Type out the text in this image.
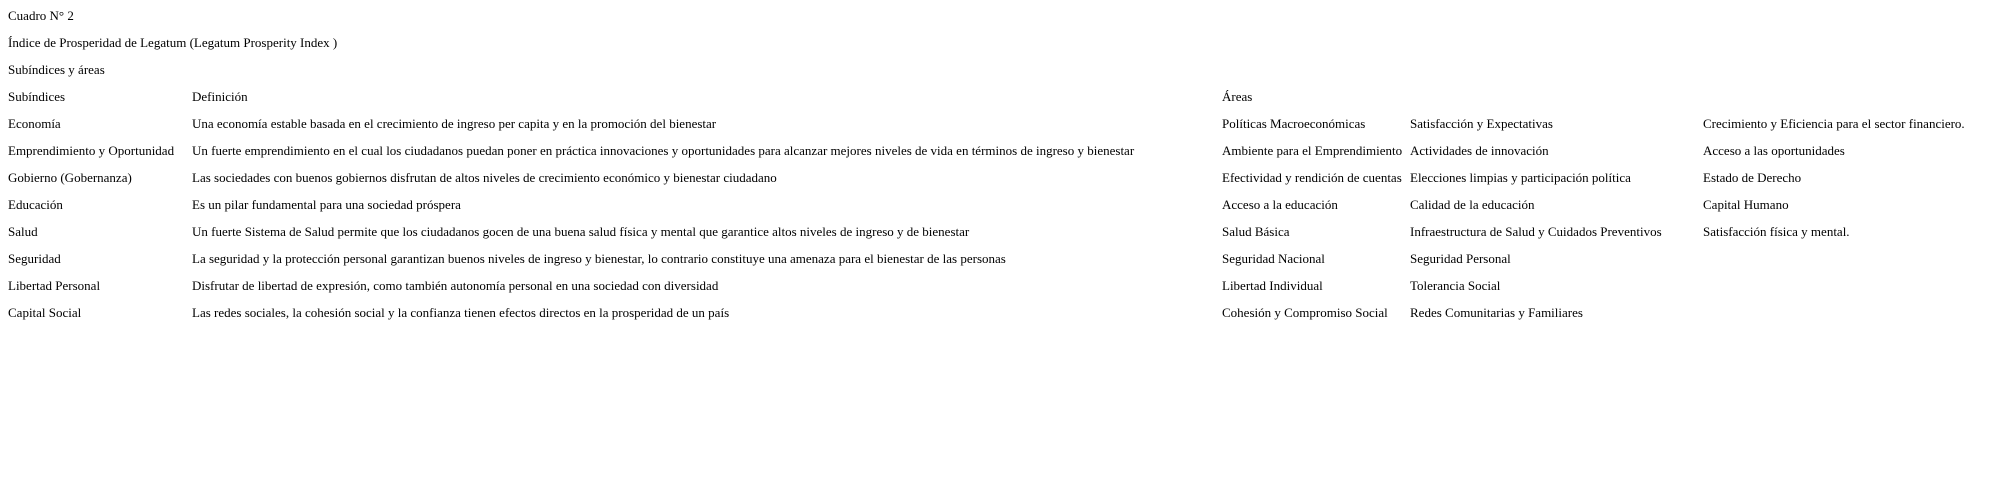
Cuadro N° 2
Índice de Prosperidad de Legatum (Legatum Prosperity Index )
Subíndices y áreas
Subíndices	Definición	Áreas		
Economía	Una economía estable basada en el crecimiento de ingreso per capita y en la promoción del bienestar	Políticas Macroeconómicas	Satisfacción y Expectativas	Crecimiento y Eficiencia para el sector financiero.
Emprendimiento y Oportunidad	Un fuerte emprendimiento en el cual los ciudadanos puedan poner en práctica innovaciones y oportunidades para alcanzar mejores niveles de vida en términos de ingreso y bienestar	Ambiente para el Emprendimiento	Actividades de innovación	Acceso a las oportunidades
Gobierno (Gobernanza)	Las sociedades con buenos gobiernos disfrutan de altos niveles de crecimiento económico y bienestar ciudadano	Efectividad y rendición de cuentas	Elecciones limpias y participación política	Estado de Derecho
Educación	Es un pilar fundamental para una sociedad próspera	Acceso a la educación	Calidad de la educación	Capital Humano
Salud	Un fuerte Sistema de Salud permite que los ciudadanos gocen de una buena salud física y mental que garantice altos niveles de ingreso y de bienestar	Salud Básica	Infraestructura de Salud y Cuidados Preventivos	Satisfacción física y mental.
Seguridad	La seguridad y la protección personal garantizan buenos niveles de ingreso y bienestar, lo contrario constituye una amenaza para el bienestar de las personas	Seguridad Nacional	Seguridad Personal	
Libertad Personal	Disfrutar de libertad de expresión, como también autonomía personal en una sociedad con diversidad	Libertad Individual	Tolerancia Social	
Capital Social	Las redes sociales, la cohesión social y la confianza tienen efectos directos en la prosperidad de un país	Cohesión y Compromiso Social	Redes Comunitarias y Familiares	
